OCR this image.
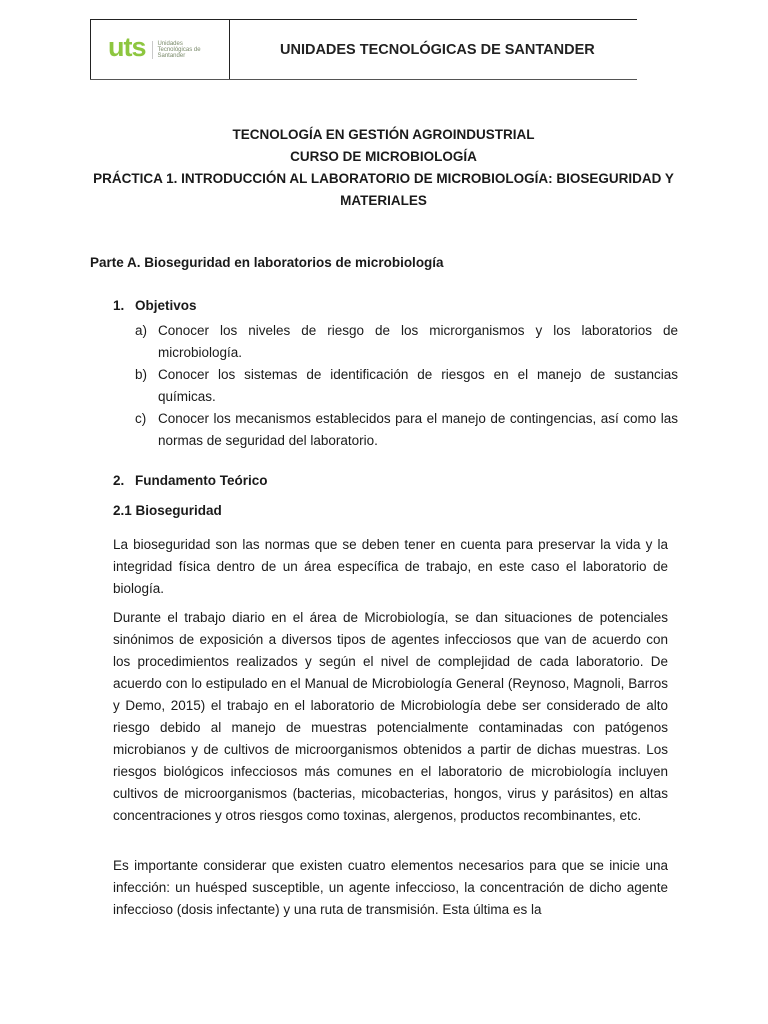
uts	Unidades Tecnológicas de Santander	UNIDADES TECNOLÓGICAS DE SANTANDER
TECNOLOGÍA EN GESTIÓN AGROINDUSTRIAL
CURSO DE MICROBIOLOGÍA
PRÁCTICA 1. INTRODUCCIÓN AL LABORATORIO DE MICROBIOLOGÍA: BIOSEGURIDAD Y MATERIALES
Parte A. Bioseguridad en laboratorios de microbiología
1. Objetivos
a) Conocer los niveles de riesgo de los microrganismos y los laboratorios de microbiología.
b) Conocer los sistemas de identificación de riesgos en el manejo de sustancias químicas.
c) Conocer los mecanismos establecidos para el manejo de contingencias, así como las normas de seguridad del laboratorio.
2. Fundamento Teórico
2.1 Bioseguridad

La bioseguridad son las normas que se deben tener en cuenta para preservar la vida y la integridad física dentro de un área específica de trabajo, en este caso el laboratorio de biología.

Durante el trabajo diario en el área de Microbiología, se dan situaciones de potenciales sinónimos de exposición a diversos tipos de agentes infecciosos que van de acuerdo con los procedimientos realizados y según el nivel de complejidad de cada laboratorio. De acuerdo con lo estipulado en el Manual de Microbiología General (Reynoso, Magnoli, Barros y Demo, 2015) el trabajo en el laboratorio de Microbiología debe ser considerado de alto riesgo debido al manejo de muestras potencialmente contaminadas con patógenos microbianos y de cultivos de microorganismos obtenidos a partir de dichas muestras. Los riesgos biológicos infecciosos más comunes en el laboratorio de microbiología incluyen cultivos de microorganismos (bacterias, micobacterias, hongos, virus y parásitos) en altas concentraciones y otros riesgos como toxinas, alergenos, productos recombinantes, etc.

Es importante considerar que existen cuatro elementos necesarios para que se inicie una infección: un huésped susceptible, un agente infeccioso, la concentración de dicho agente infeccioso (dosis infectante) y una ruta de transmisión. Esta última es la
